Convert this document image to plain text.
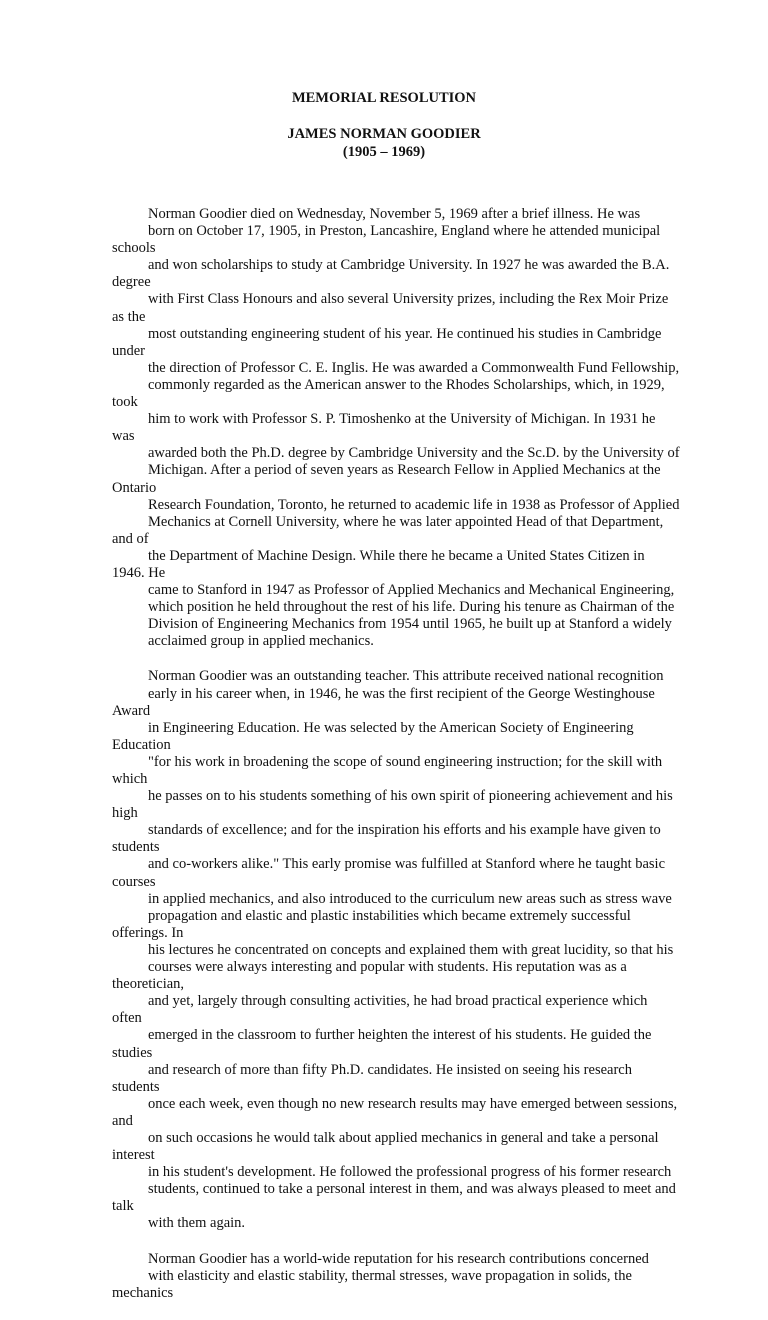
MEMORIAL RESOLUTION
JAMES NORMAN GOODIER
(1905 – 1969)

Norman Goodier died on Wednesday, November 5, 1969 after a brief illness. He was
born on October 17, 1905, in Preston, Lancashire, England where he attended municipal schools
and won scholarships to study at Cambridge University. In 1927 he was awarded the B.A. degree
with First Class Honours and also several University prizes, including the Rex Moir Prize as the
most outstanding engineering student of his year. He continued his studies in Cambridge under
the direction of Professor C. E. Inglis. He was awarded a Commonwealth Fund Fellowship,
commonly regarded as the American answer to the Rhodes Scholarships, which, in 1929, took
him to work with Professor S. P. Timoshenko at the University of Michigan. In 1931 he was
awarded both the Ph.D. degree by Cambridge University and the Sc.D. by the University of
Michigan. After a period of seven years as Research Fellow in Applied Mechanics at the Ontario
Research Foundation, Toronto, he returned to academic life in 1938 as Professor of Applied
Mechanics at Cornell University, where he was later appointed Head of that Department, and of
the Department of Machine Design. While there he became a United States Citizen in 1946. He
came to Stanford in 1947 as Professor of Applied Mechanics and Mechanical Engineering,
which position he held throughout the rest of his life. During his tenure as Chairman of the
Division of Engineering Mechanics from 1954 until 1965, he built up at Stanford a widely
acclaimed group in applied mechanics.

Norman Goodier was an outstanding teacher. This attribute received national recognition
early in his career when, in 1946, he was the first recipient of the George Westinghouse Award
in Engineering Education. He was selected by the American Society of Engineering Education
"for his work in broadening the scope of sound engineering instruction; for the skill with which
he passes on to his students something of his own spirit of pioneering achievement and his high
standards of excellence; and for the inspiration his efforts and his example have given to students
and co-workers alike." This early promise was fulfilled at Stanford where he taught basic courses
in applied mechanics, and also introduced to the curriculum new areas such as stress wave
propagation and elastic and plastic instabilities which became extremely successful offerings. In
his lectures he concentrated on concepts and explained them with great lucidity, so that his
courses were always interesting and popular with students. His reputation was as a theoretician,
and yet, largely through consulting activities, he had broad practical experience which often
emerged in the classroom to further heighten the interest of his students. He guided the studies
and research of more than fifty Ph.D. candidates. He insisted on seeing his research students
once each week, even though no new research results may have emerged between sessions, and
on such occasions he would talk about applied mechanics in general and take a personal interest
in his student's development. He followed the professional progress of his former research
students, continued to take a personal interest in them, and was always pleased to meet and talk
with them again.

Norman Goodier has a world-wide reputation for his research contributions concerned
with elasticity and elastic stability, thermal stresses, wave propagation in solids, the mechanics
